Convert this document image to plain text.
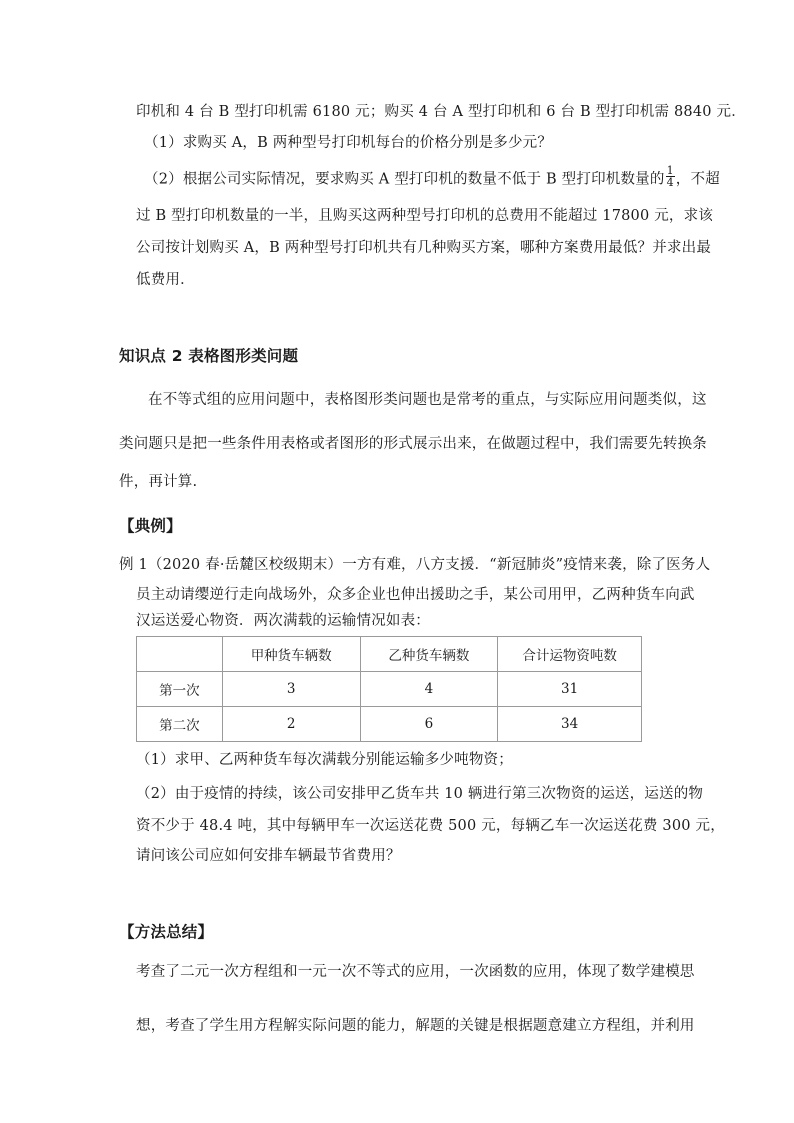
印机和 4 台 B 型打印机需 6180 元；购买 4 台 A 型打印机和 6 台 B 型打印机需 8840 元．
（1）求购买 A，B 两种型号打印机每台的价格分别是多少元？
（2）根据公司实际情况，要求购买 A 型打印机的数量不低于 B 型打印机数量的 $\frac{1}{4}$ ，不超
过 B 型打印机数量的一半，且购买这两种型号打印机的总费用不能超过 17800 元，求该
公司按计划购买 A，B 两种型号打印机共有几种购买方案，哪种方案费用最低？并求出最
低费用．
知识点 2 表格图形类问题
在不等式组的应用问题中，表格图形类问题也是常考的重点，与实际应用问题类似，这
类问题只是把一些条件用表格或者图形的形式展示出来，在做题过程中，我们需要先转换条
件，再计算.
【典例】
例 1（2020 春·岳麓区校级期末）一方有难，八方支援．“新冠肺炎”疫情来袭，除了医务人
员主动请缨逆行走向战场外，众多企业也伸出援助之手，某公司用甲，乙两种货车向武
汉运送爱心物资．两次满载的运输情况如表：
	甲种货车辆数	乙种货车辆数	合计运物资吨数
第一次	3	4	31
第二次	2	6	34
（1）求甲、乙两种货车每次满载分别能运输多少吨物资；
（2）由于疫情的持续，该公司安排甲乙货车共 10 辆进行第三次物资的运送，运送的物
资不少于 48.4 吨，其中每辆甲车一次运送花费 500 元，每辆乙车一次运送花费 300 元，
请问该公司应如何安排车辆最节省费用？
【方法总结】
考查了二元一次方程组和一元一次不等式的应用，一次函数的应用，体现了数学建模思
想，考查了学生用方程解实际问题的能力，解题的关键是根据题意建立方程组，并利用
